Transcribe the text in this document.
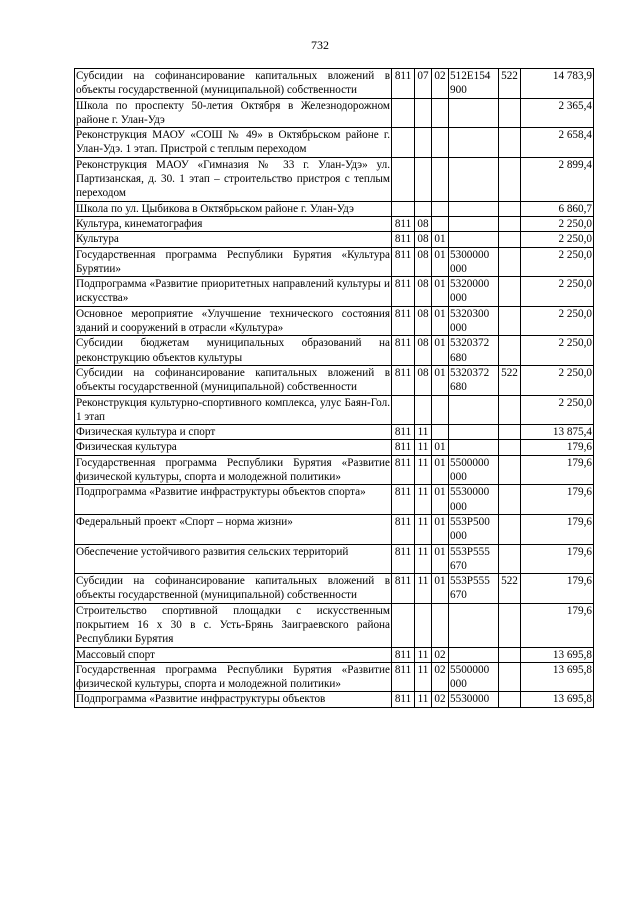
732
Субсидии на софинансирование капитальных вложений в объекты государственной (муниципальной) собственности	811	07	02	512E154 900	522	14 783,9
Школа по проспекту 50-летия Октября в Железнодорожном районе г. Улан-Удэ						2 365,4
Реконструкция МАОУ «СОШ № 49» в Октябрьском районе г. Улан-Удэ. 1 этап. Пристрой с теплым переходом						2 658,4
Реконструкция МАОУ «Гимназия № 33 г. Улан-Удэ» ул. Партизанская, д. 30. 1 этап – строительство пристроя с теплым переходом						2 899,4
Школа по ул. Цыбикова в Октябрьском районе г. Улан-Удэ						6 860,7
Культура, кинематография	811	08				2 250,0
Культура	811	08	01			2 250,0
Государственная программа Республики Бурятия «Культура Бурятии»	811	08	01	5300000 000		2 250,0
Подпрограмма «Развитие приоритетных направлений культуры и искусства»	811	08	01	5320000 000		2 250,0
Основное мероприятие «Улучшение технического состояния зданий и сооружений в отрасли «Культура»	811	08	01	5320300 000		2 250,0
Субсидии бюджетам муниципальных образований на реконструкцию объектов культуры	811	08	01	5320372 680		2 250,0
Субсидии на софинансирование капитальных вложений в объекты государственной (муниципальной) собственности	811	08	01	5320372 680	522	2 250,0
Реконструкция культурно-спортивного комплекса, улус Баян-Гол. 1 этап						2 250,0
Физическая культура и спорт	811	11				13 875,4
Физическая культура	811	11	01			179,6
Государственная программа Республики Бурятия «Развитие физической культуры, спорта и молодежной политики»	811	11	01	5500000 000		179,6
Подпрограмма «Развитие инфраструктуры объектов спорта»	811	11	01	5530000 000		179,6
Федеральный проект «Спорт – норма жизни»	811	11	01	553P500 000		179,6
Обеспечение устойчивого развития сельских территорий	811	11	01	553P555 670		179,6
Субсидии на софинансирование капитальных вложений в объекты государственной (муниципальной) собственности	811	11	01	553P555 670	522	179,6
Строительство спортивной площадки с искусственным покрытием 16 х 30 в с. Усть-Брянь Заиграевского района Республики Бурятия						179,6
Массовый спорт	811	11	02			13 695,8
Государственная программа Республики Бурятия «Развитие физической культуры, спорта и молодежной политики»	811	11	02	5500000 000		13 695,8
Подпрограмма «Развитие инфраструктуры объектов	811	11	02	5530000		13 695,8
